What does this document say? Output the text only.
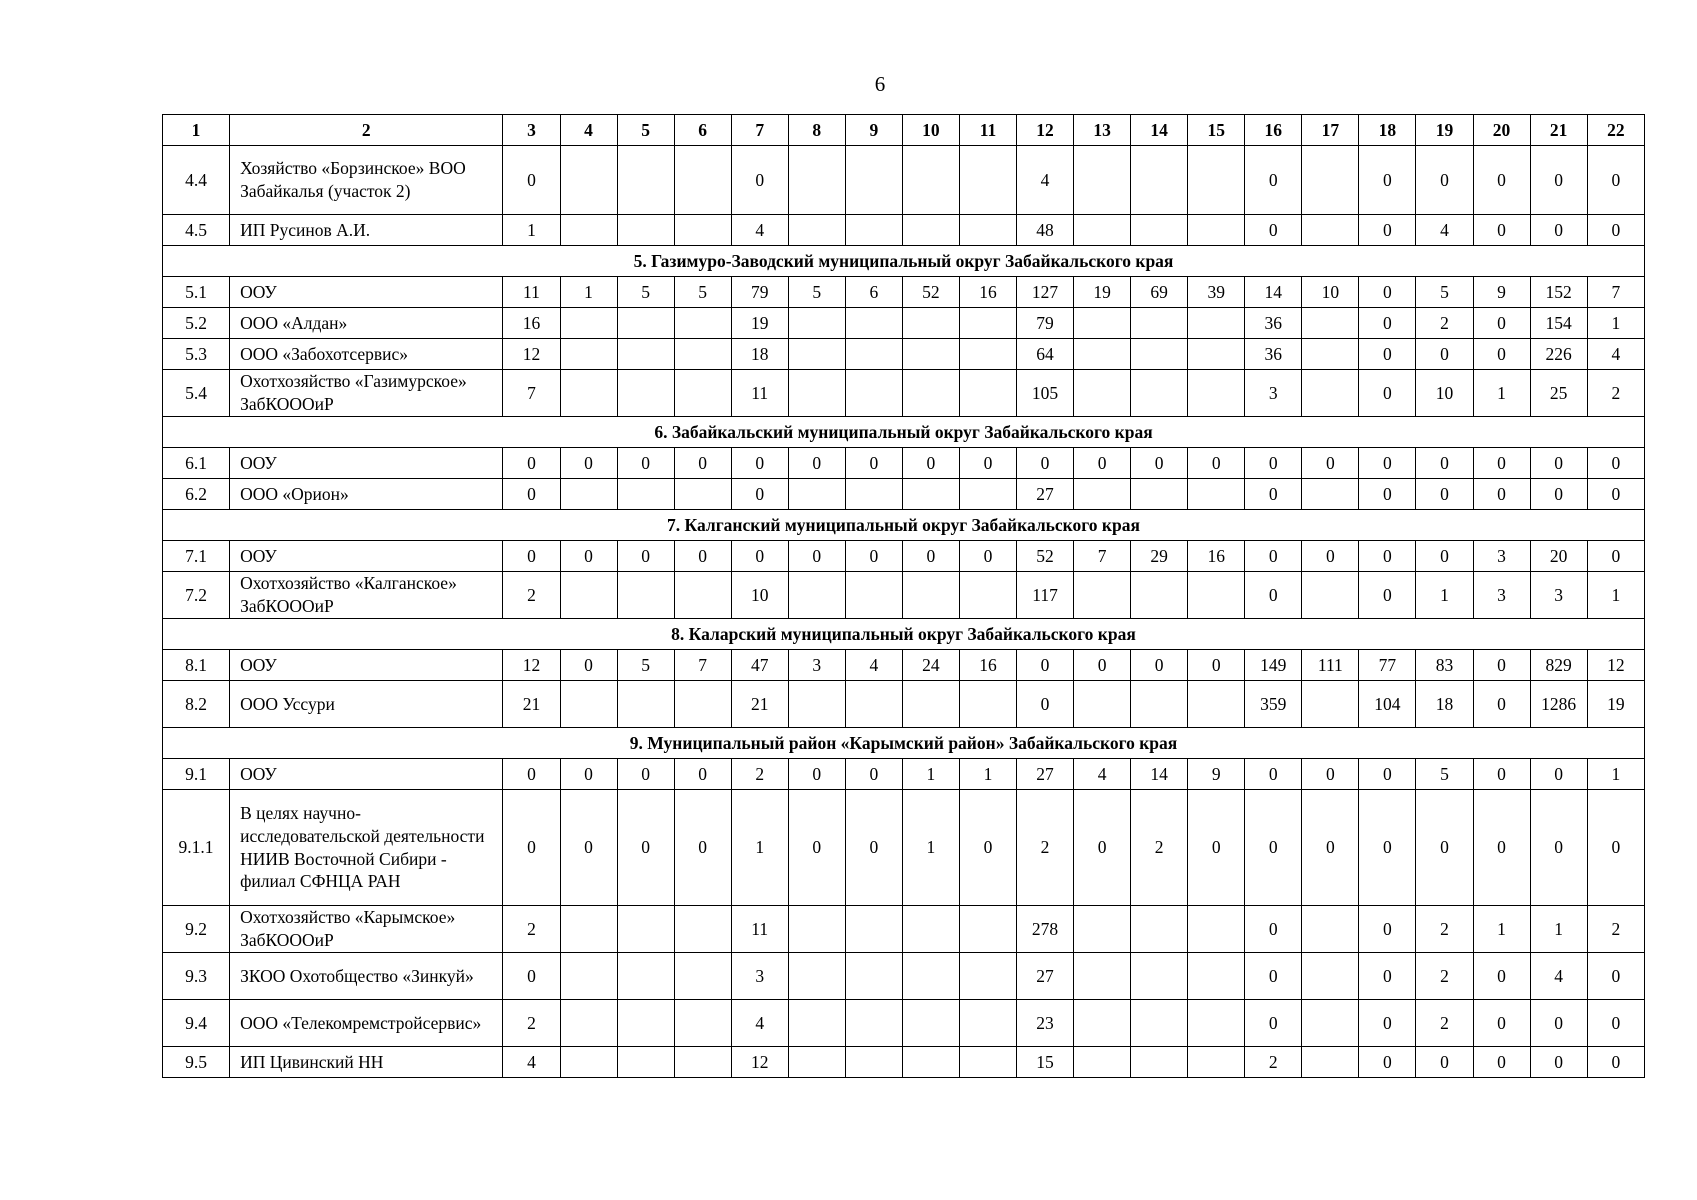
6
1	2	3	4	5	6	7	8	9	10	11	12	13	14	15	16	17	18	19	20	21	22
4.4	Хозяйство «Борзинское» ВОО Забайкалья (участок 2)	0				0					4				0		0	0	0	0	0
4.5	ИП Русинов А.И.	1				4					48				0		0	4	0	0	0
5. Газимуро-Заводский муниципальный округ Забайкальского края																					
5.1	ООУ	11	1	5	5	79	5	6	52	16	127	19	69	39	14	10	0	5	9	152	7
5.2	ООО «Алдан»	16				19					79				36		0	2	0	154	1
5.3	ООО «Забохотсервис»	12				18					64				36		0	0	0	226	4
5.4	Охотхозяйство «Газимурское» ЗабКОООиР	7				11					105				3		0	10	1	25	2
6. Забайкальский муниципальный округ Забайкальского края																					
6.1	ООУ	0	0	0	0	0	0	0	0	0	0	0	0	0	0	0	0	0	0	0	0
6.2	ООО «Орион»	0				0					27				0		0	0	0	0	0
7. Калганский муниципальный округ Забайкальского края																					
7.1	ООУ	0	0	0	0	0	0	0	0	0	52	7	29	16	0	0	0	0	3	20	0
7.2	Охотхозяйство «Калганское» ЗабКОООиР	2				10					117				0		0	1	3	3	1
8. Каларский муниципальный округ Забайкальского края																					
8.1	ООУ	12	0	5	7	47	3	4	24	16	0	0	0	0	149	111	77	83	0	829	12
8.2	ООО Уссури	21				21					0				359		104	18	0	1286	19
9. Муниципальный район «Карымский район» Забайкальского края																					
9.1	ООУ	0	0	0	0	2	0	0	1	1	27	4	14	9	0	0	0	5	0	0	1
9.1.1	В целях научно-исследовательской деятельности НИИВ Восточной Сибири - филиал СФНЦА РАН	0	0	0	0	1	0	0	1	0	2	0	2	0	0	0	0	0	0	0	0
9.2	Охотхозяйство «Карымское» ЗабКОООиР	2				11					278				0		0	2	1	1	2
9.3	ЗКОО Охотобщество «Зинкуй»	0				3					27				0		0	2	0	4	0
9.4	ООО «Телекомремстройсервис»	2				4					23				0		0	2	0	0	0
9.5	ИП Цивинский НН	4				12					15				2		0	0	0	0	0
